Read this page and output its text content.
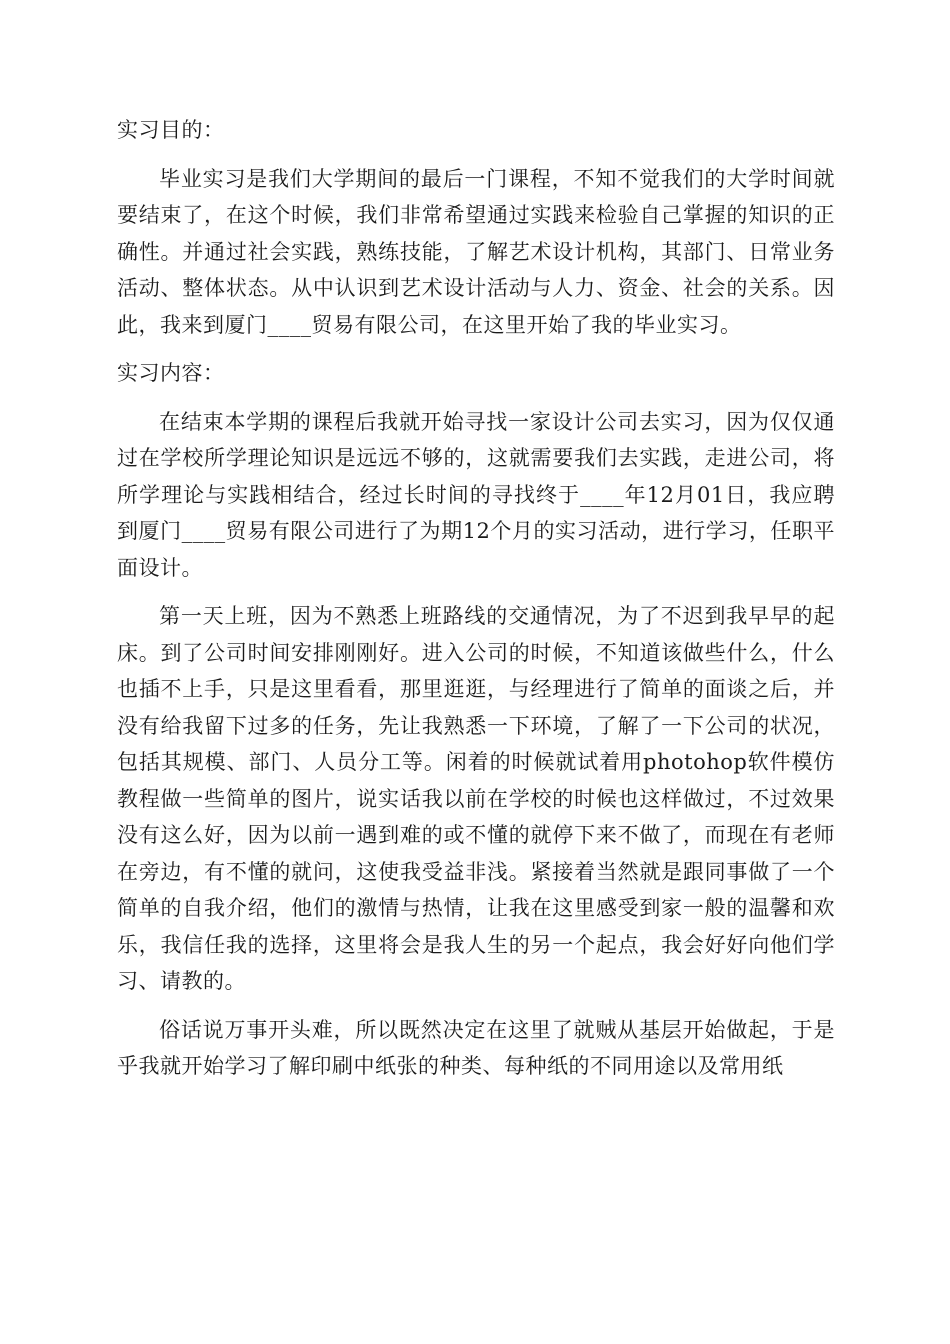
实习目的：

毕业实习是我们大学期间的最后一门课程，不知不觉我们的大学时间就要结束了，在这个时候，我们非常希望通过实践来检验自己掌握的知识的正确性。并通过社会实践，熟练技能，了解艺术设计机构，其部门、日常业务活动、整体状态。从中认识到艺术设计活动与人力、资金、社会的关系。因此，我来到厦门____贸易有限公司，在这里开始了我的毕业实习。

实习内容：

在结束本学期的课程后我就开始寻找一家设计公司去实习，因为仅仅通过在学校所学理论知识是远远不够的，这就需要我们去实践，走进公司，将所学理论与实践相结合，经过长时间的寻找终于____年12月01日，我应聘到厦门____贸易有限公司进行了为期12个月的实习活动，进行学习，任职平面设计。

第一天上班，因为不熟悉上班路线的交通情况，为了不迟到我早早的起床。到了公司时间安排刚刚好。进入公司的时候，不知道该做些什么，什么也插不上手，只是这里看看，那里逛逛，与经理进行了简单的面谈之后，并没有给我留下过多的任务，先让我熟悉一下环境，了解了一下公司的状况，包括其规模、部门、人员分工等。闲着的时候就试着用photohop软件模仿教程做一些简单的图片，说实话我以前在学校的时候也这样做过，不过效果没有这么好，因为以前一遇到难的或不懂的就停下来不做了，而现在有老师在旁边，有不懂的就问，这使我受益非浅。紧接着当然就是跟同事做了一个简单的自我介绍，他们的激情与热情，让我在这里感受到家一般的温馨和欢乐，我信任我的选择，这里将会是我人生的另一个起点，我会好好向他们学习、请教的。

俗话说万事开头难，所以既然决定在这里了就贼从基层开始做起，于是乎我就开始学习了解印刷中纸张的种类、每种纸的不同用途以及常用纸
